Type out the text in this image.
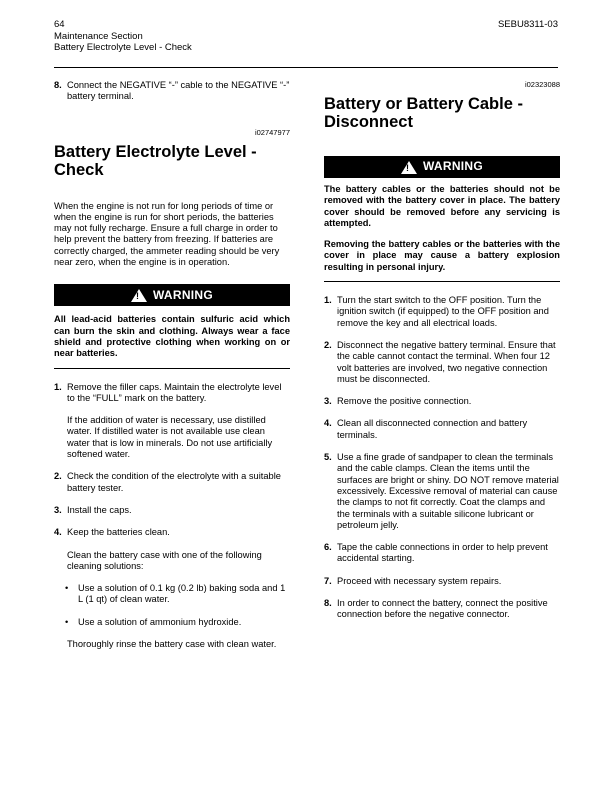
64
Maintenance Section
Battery Electrolyte Level - Check
SEBU8311-03
8. Connect the NEGATIVE “-” cable to the NEGATIVE “-” battery terminal.
i02747977
Battery Electrolyte Level - Check

When the engine is not run for long periods of time or when the engine is run for short periods, the batteries may not fully recharge. Ensure a full charge in order to help prevent the battery from freezing. If batteries are correctly charged, the ammeter reading should be very near zero, when the engine is in operation.

!
WARNING

All lead-acid batteries contain sulfuric acid which can burn the skin and clothing. Always wear a face shield and protective clothing when working on or near batteries.

1. Remove the filler caps. Maintain the electrolyte level to the “FULL” mark on the battery.

If the addition of water is necessary, use distilled water. If distilled water is not available use clean water that is low in minerals. Do not use artificially softened water.

2. Check the condition of the electrolyte with a suitable battery tester.
3. Install the caps.
4. Keep the batteries clean.

Clean the battery case with one of the following cleaning solutions:

• Use a solution of 0.1 kg (0.2 lb) baking soda and 1 L (1 qt) of clean water.
• Use a solution of ammonium hydroxide.

Thoroughly rinse the battery case with clean water.

i02323088
Battery or Battery Cable - Disconnect
!
WARNING

The battery cables or the batteries should not be removed with the battery cover in place. The battery cover should be removed before any servicing is attempted.

Removing the battery cables or the batteries with the cover in place may cause a battery explosion resulting in personal injury.

1. Turn the start switch to the OFF position. Turn the ignition switch (if equipped) to the OFF position and remove the key and all electrical loads.
2. Disconnect the negative battery terminal. Ensure that the cable cannot contact the terminal. When four 12 volt batteries are involved, two negative connection must be disconnected.
3. Remove the positive connection.
4. Clean all disconnected connection and battery terminals.
5. Use a fine grade of sandpaper to clean the terminals and the cable clamps. Clean the items until the surfaces are bright or shiny. DO NOT remove material excessively. Excessive removal of material can cause the clamps to not fit correctly. Coat the clamps and the terminals with a suitable silicone lubricant or petroleum jelly.
6. Tape the cable connections in order to help prevent accidental starting.
7. Proceed with necessary system repairs.
8. In order to connect the battery, connect the positive connection before the negative connector.
